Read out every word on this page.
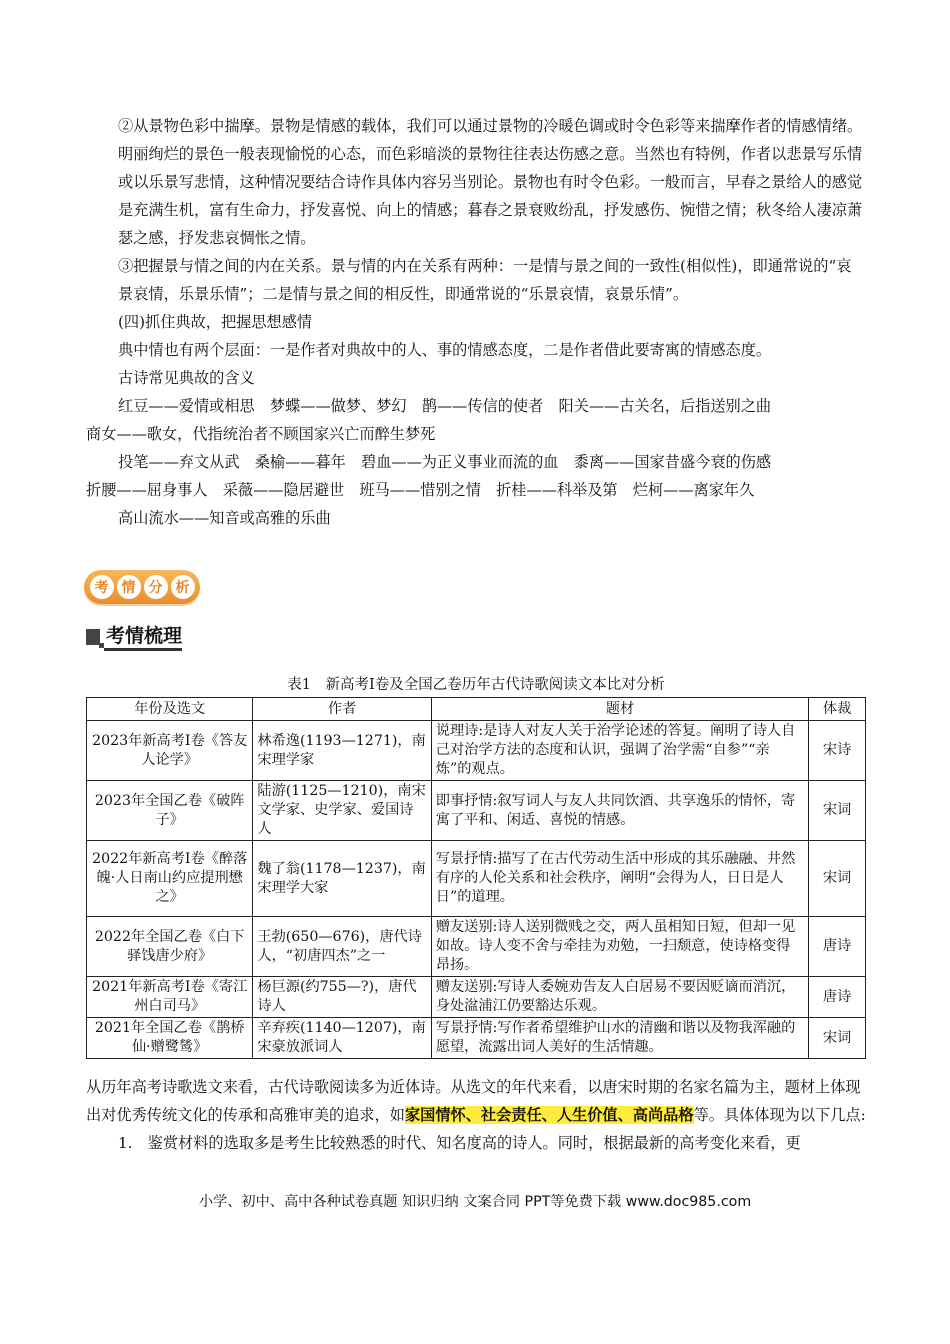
②从景物色彩中揣摩。景物是情感的载体，我们可以通过景物的冷暖色调或时令色彩等来揣摩作者的情感情绪。明丽绚烂的景色一般表现愉悦的心态，而色彩暗淡的景物往往表达伤感之意。当然也有特例，作者以悲景写乐情或以乐景写悲情，这种情况要结合诗作具体内容另当别论。景物也有时令色彩。一般而言，早春之景给人的感觉是充满生机，富有生命力，抒发喜悦、向上的情感；暮春之景衰败纷乱，抒发感伤、惋惜之情；秋冬给人凄凉萧瑟之感，抒发悲哀惆怅之情。

③把握景与情之间的内在关系。景与情的内在关系有两种：一是情与景之间的一致性(相似性)，即通常说的“哀景哀情，乐景乐情”；二是情与景之间的相反性，即通常说的“乐景哀情，哀景乐情”。

(四)抓住典故，把握思想感情
典中情也有两个层面：一是作者对典故中的人、事的情感态度，二是作者借此要寄寓的情感态度。
古诗常见典故的含义
红豆——爱情或相思　梦蝶——做梦、梦幻　鹊——传信的使者　阳关——古关名，后指送别之曲
商女——歌女，代指统治者不顾国家兴亡而醉生梦死
投笔——弃文从武　桑榆——暮年　碧血——为正义事业而流的血　黍离——国家昔盛今衰的伤感
折腰——屈身事人　采薇——隐居避世　班马——惜别之情　折桂——科举及第　烂柯——离家年久
高山流水——知音或高雅的乐曲
考 情 分 析
考情梳理
表1　新高考Ⅰ卷及全国乙卷历年古代诗歌阅读文本比对分析
年份及选文	作者	题材	体裁
2023年新高考Ⅰ卷《答友人论学》	林希逸(1193—1271)，南宋理学家	说理诗:是诗人对友人关于治学论述的答复。阐明了诗人自己对治学方法的态度和认识，强调了治学需“自参”“亲炼”的观点。	宋诗
2023年全国乙卷《破阵子》	陆游(1125—1210)，南宋文学家、史学家、爱国诗人	即事抒情:叙写词人与友人共同饮酒、共享逸乐的情怀，寄寓了平和、闲适、喜悦的情感。	宋词
2022年新高考Ⅰ卷《醉落魄·人日南山约应提刑懋之》	魏了翁(1178—1237)，南宋理学大家	写景抒情:描写了在古代劳动生活中形成的其乐融融、井然有序的人伦关系和社会秩序，阐明“会得为人，日日是人日”的道理。	宋词
2022年全国乙卷《白下驿饯唐少府》	王勃(650—676)，唐代诗人，“初唐四杰”之一	赠友送别:诗人送别微贱之交，两人虽相知日短，但却一见如故。诗人变不舍与牵挂为劝勉，一扫颓意，使诗格变得昂扬。	唐诗
2021年新高考Ⅰ卷《寄江州白司马》	杨巨源(约755—?)，唐代诗人	赠友送别:写诗人委婉劝告友人白居易不要因贬谪而消沉，身处湓浦江仍要豁达乐观。	唐诗
2021年全国乙卷《鹊桥仙·赠鹭鸶》	辛弃疾(1140—1207)，南宋豪放派词人	写景抒情:写作者希望维护山水的清幽和谐以及物我浑融的愿望，流露出词人美好的生活情趣。	宋词

从历年高考诗歌选文来看，古代诗歌阅读多为近体诗。从选文的年代来看，以唐宋时期的名家名篇为主，题材上体现出对优秀传统文化的传承和高雅审美的追求，如家国情怀、社会责任、人生价值、高尚品格等。具体体现为以下几点:

1.　鉴赏材料的选取多是考生比较熟悉的时代、知名度高的诗人。同时，根据最新的高考变化来看，更
小学、初中、高中各种试卷真题 知识归纳 文案合同 PPT等免费下载 www.doc985.com
